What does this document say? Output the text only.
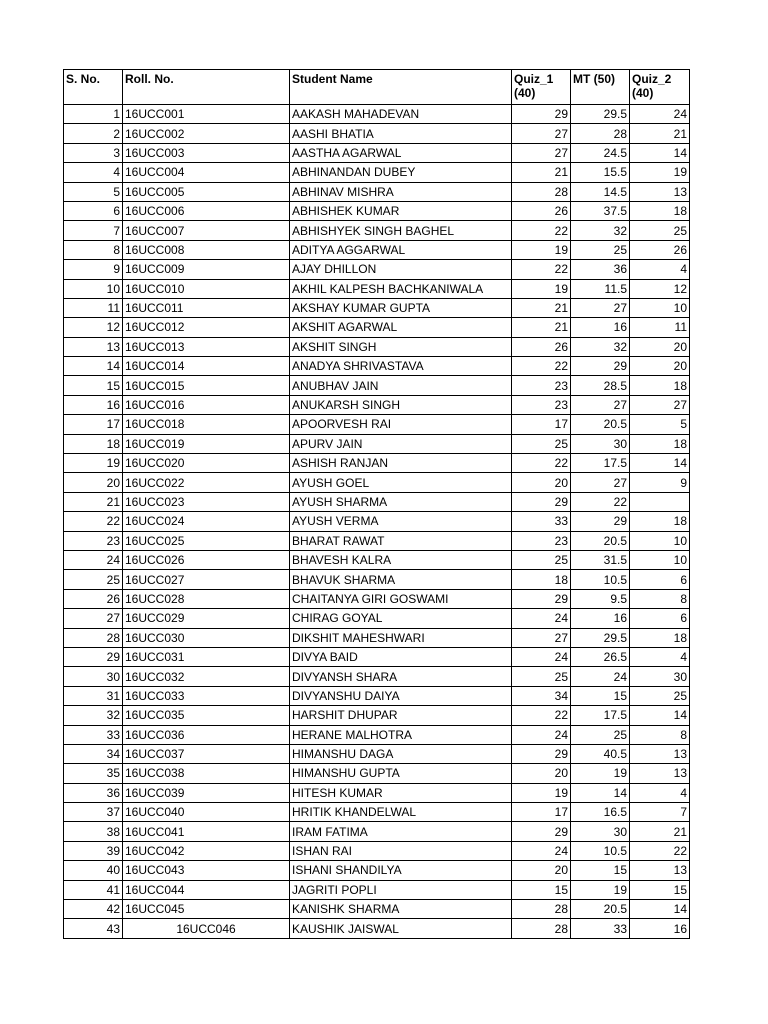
S. No.	Roll. No.	Student Name	Quiz_1 (40)	MT (50)	Quiz_2 (40)
1	16UCC001	AAKASH MAHADEVAN	29	29.5	24
2	16UCC002	AASHI BHATIA	27	28	21
3	16UCC003	AASTHA AGARWAL	27	24.5	14
4	16UCC004	ABHINANDAN DUBEY	21	15.5	19
5	16UCC005	ABHINAV MISHRA	28	14.5	13
6	16UCC006	ABHISHEK KUMAR	26	37.5	18
7	16UCC007	ABHISHYEK SINGH BAGHEL	22	32	25
8	16UCC008	ADITYA AGGARWAL	19	25	26
9	16UCC009	AJAY DHILLON	22	36	4
10	16UCC010	AKHIL KALPESH BACHKANIWALA	19	11.5	12
11	16UCC011	AKSHAY KUMAR GUPTA	21	27	10
12	16UCC012	AKSHIT AGARWAL	21	16	11
13	16UCC013	AKSHIT SINGH	26	32	20
14	16UCC014	ANADYA SHRIVASTAVA	22	29	20
15	16UCC015	ANUBHAV JAIN	23	28.5	18
16	16UCC016	ANUKARSH SINGH	23	27	27
17	16UCC018	APOORVESH RAI	17	20.5	5
18	16UCC019	APURV JAIN	25	30	18
19	16UCC020	ASHISH RANJAN	22	17.5	14
20	16UCC022	AYUSH GOEL	20	27	9
21	16UCC023	AYUSH SHARMA	29	22	
22	16UCC024	AYUSH VERMA	33	29	18
23	16UCC025	BHARAT RAWAT	23	20.5	10
24	16UCC026	BHAVESH KALRA	25	31.5	10
25	16UCC027	BHAVUK SHARMA	18	10.5	6
26	16UCC028	CHAITANYA GIRI GOSWAMI	29	9.5	8
27	16UCC029	CHIRAG GOYAL	24	16	6
28	16UCC030	DIKSHIT MAHESHWARI	27	29.5	18
29	16UCC031	DIVYA BAID	24	26.5	4
30	16UCC032	DIVYANSH SHARA	25	24	30
31	16UCC033	DIVYANSHU DAIYA	34	15	25
32	16UCC035	HARSHIT DHUPAR	22	17.5	14
33	16UCC036	HERANE MALHOTRA	24	25	8
34	16UCC037	HIMANSHU DAGA	29	40.5	13
35	16UCC038	HIMANSHU GUPTA	20	19	13
36	16UCC039	HITESH KUMAR	19	14	4
37	16UCC040	HRITIK KHANDELWAL	17	16.5	7
38	16UCC041	IRAM FATIMA	29	30	21
39	16UCC042	ISHAN RAI	24	10.5	22
40	16UCC043	ISHANI SHANDILYA	20	15	13
41	16UCC044	JAGRITI POPLI	15	19	15
42	16UCC045	KANISHK SHARMA	28	20.5	14
43	16UCC046	KAUSHIK JAISWAL	28	33	16
